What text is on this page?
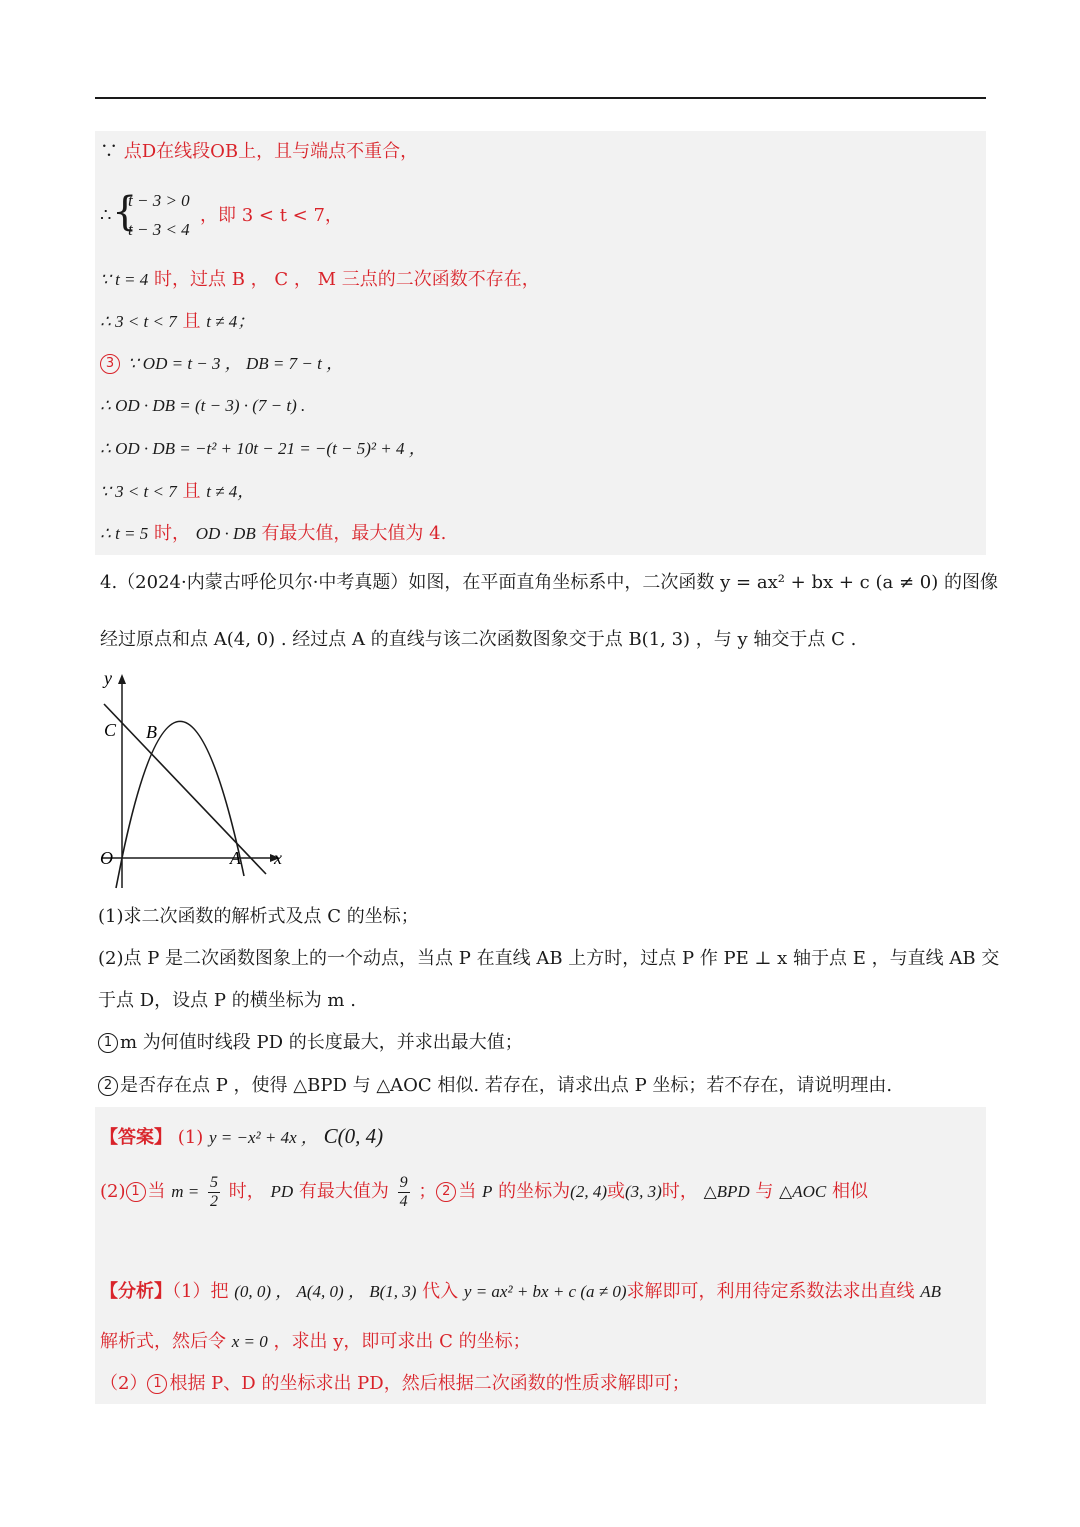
∵ 点D在线段OB上，且与端点不重合，
∴ {
t − 3 > 0
t − 3 < 4
，即 3 < t < 7，
∵ t = 4 时，过点 B ， C ， M 三点的二次函数不存在，
∴ 3 < t < 7 且 t ≠ 4；
3 ∵ OD = t − 3 ， DB = 7 − t ，
∴ OD · DB = (t − 3) · (7 − t) .
∴ OD · DB = −t² + 10t − 21 = −(t − 5)² + 4 ，
∵ 3 < t < 7 且 t ≠ 4，
∴ t = 5 时， OD · DB 有最大值，最大值为 4.
4.（2024·内蒙古呼伦贝尔·中考真题）如图，在平面直角坐标系中，二次函数 y = ax² + bx + c (a ≠ 0) 的图像
经过原点和点 A(4, 0) . 经过点 A 的直线与该二次函数图象交于点 B(1, 3) ，与 y 轴交于点 C .
y
x
O	A
B
C
(1)求二次函数的解析式及点 C 的坐标；
(2)点 P 是二次函数图象上的一个动点，当点 P 在直线 AB 上方时，过点 P 作 PE ⊥ x 轴于点 E ，与直线 AB 交
于点 D，设点 P 的横坐标为 m .
1 m 为何值时线段 PD 的长度最大，并求出最大值；
2 是否存在点 P ，使得 △BPD 与 △AOC 相似. 若存在，请求出点 P 坐标；若不存在，请说明理由.
【答案】 (1) y = −x² + 4x ， C(0, 4)
(2) 1 当 $m = \frac{5}{2}$ 时， PD 有最大值为 $\frac{9}{4}$ ； 2 当 P 的坐标为(2, 4)或(3, 3)时， △BPD 与 △AOC 相似
【分析】（1）把 (0, 0) ， A(4, 0) ， B(1, 3) 代入 y = ax² + bx + c (a ≠ 0)求解即可，利用待定系数法求出直线 AB
解析式，然后令 x = 0 ，求出 y，即可求出 C 的坐标；
（2） 1 根据 P、D 的坐标求出 PD，然后根据二次函数的性质求解即可；
